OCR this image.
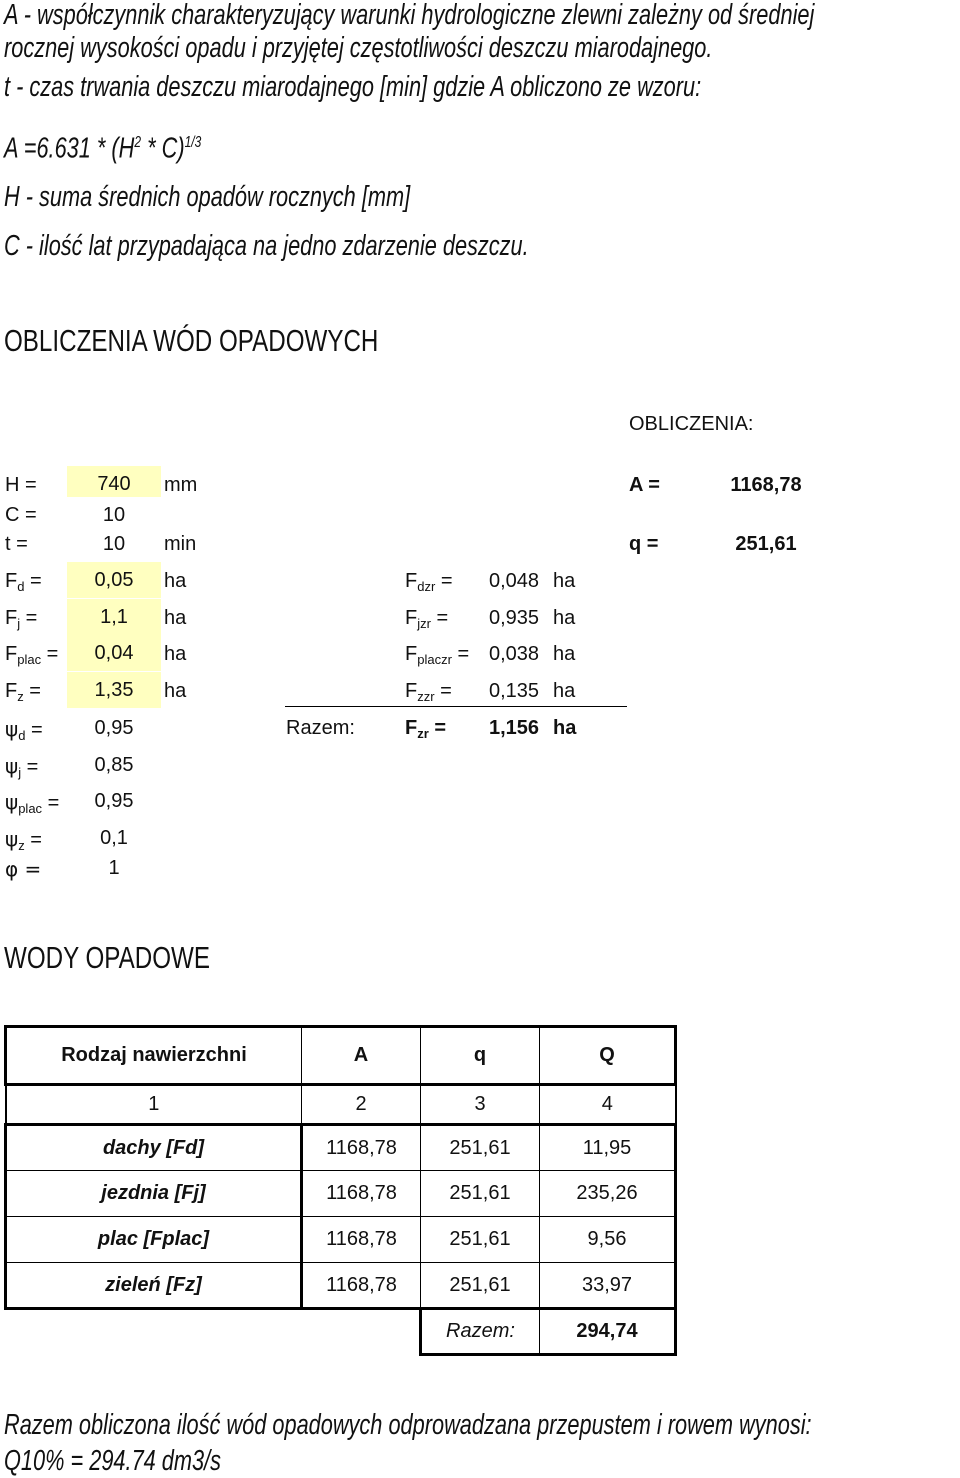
A - współczynnik charakteryzujący warunki hydrologiczne zlewni zależny od średniej
rocznej wysokości opadu i przyjętej częstotliwości deszczu miarodajnego.
t - czas trwania deszczu miarodajnego [min] gdzie A obliczono ze wzoru:
$A =6.631 * (H^2 * C)^{1/3}$
H - suma średnich opadów rocznych [mm]
C - ilość lat przypadająca na jedno zdarzenie deszczu.
OBLICZENIA WÓD OPADOWYCH
OBLICZENIA:
H =	740	mm
C =	10
t =	10	min
$F_d$ =	0,05	ha
$F_j$ =	1,1	ha
$F_{plac}$ =	0,04	ha
$F_z$ =	1,35	ha
$\psi_d$ =	0,95
$\psi_j$ =	0,85
$\psi_{plac}$ =	0,95
$\psi_z$ =	0,1
φ =	1
$F_{dzr} = 0,048$ ha
$F_{jzr} = 0,935$ ha
$F_{placzr} = 0,038$ ha
$F_{zzr} = 0,135$ ha
Razem:	$F_{zr} = 1,156$ ha
A =	1168,78
q =	251,61
WODY OPADOWE
Rodzaj nawierzchni	A	q	Q
1	2	3	4
dachy [Fd]	1168,78	251,61	11,95
jezdnia [Fj]	1168,78	251,61	235,26
plac [Fplac]	1168,78	251,61	9,56
zieleń [Fz]	1168,78	251,61	33,97
		Razem:	294,74
Razem obliczona ilość wód opadowych odprowadzana przepustem i rowem wynosi:
Q10% = 294.74 dm3/s
